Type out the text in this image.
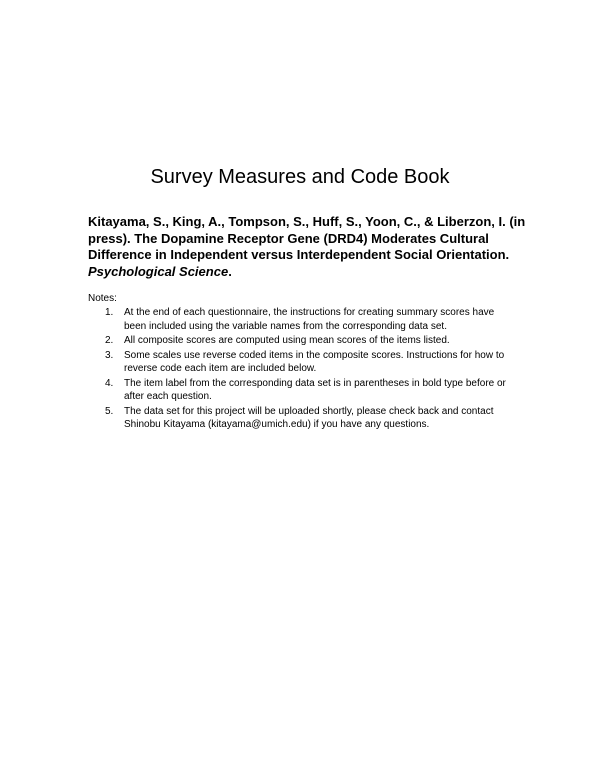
Survey Measures and Code Book

Kitayama, S., King, A., Tompson, S., Huff, S., Yoon, C., & Liberzon, I. (in press). The Dopamine Receptor Gene (DRD4) Moderates Cultural Difference in Independent versus Interdependent Social Orientation. Psychological Science.

Notes:

1. At the end of each questionnaire, the instructions for creating summary scores have been included using the variable names from the corresponding data set.
2. All composite scores are computed using mean scores of the items listed.
3. Some scales use reverse coded items in the composite scores. Instructions for how to reverse code each item are included below.
4. The item label from the corresponding data set is in parentheses in bold type before or after each question.
5. The data set for this project will be uploaded shortly, please check back and contact Shinobu Kitayama (kitayama@umich.edu) if you have any questions.
